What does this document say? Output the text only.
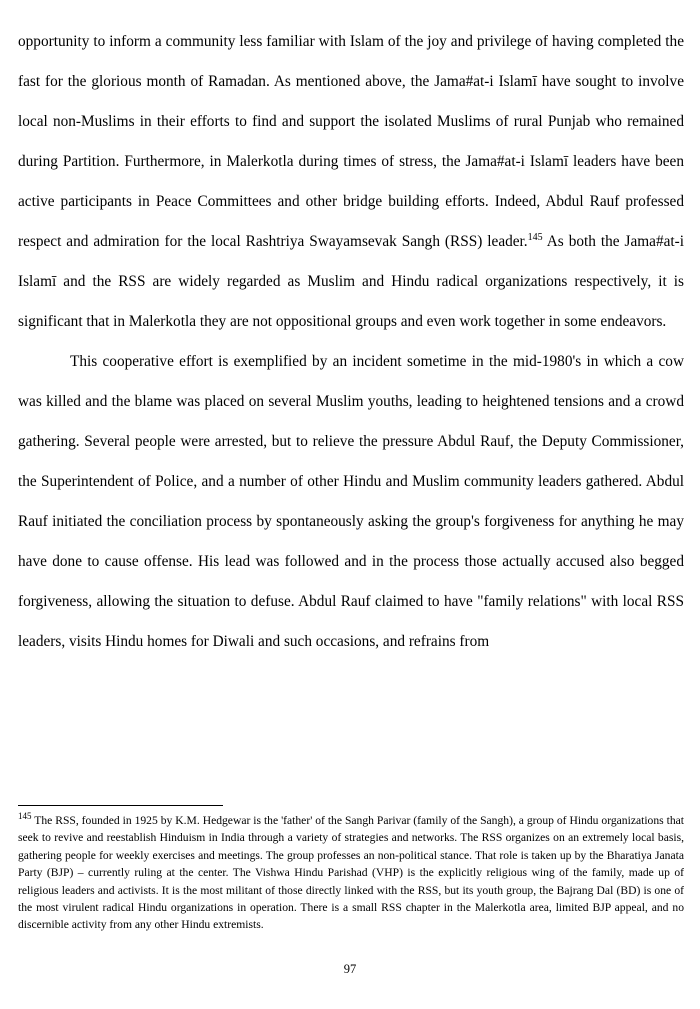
opportunity to inform a community less familiar with Islam of the joy and privilege of having completed the fast for the glorious month of Ramadan. As mentioned above, the Jama#at-i Islamī have sought to involve local non-Muslims in their efforts to find and support the isolated Muslims of rural Punjab who remained during Partition. Furthermore, in Malerkotla during times of stress, the Jama#at-i Islamī leaders have been active participants in Peace Committees and other bridge building efforts. Indeed, Abdul Rauf professed respect and admiration for the local Rashtriya Swayamsevak Sangh (RSS) leader.$^{145}$ As both the Jama#at-i Islamī and the RSS are widely regarded as Muslim and Hindu radical organizations respectively, it is significant that in Malerkotla they are not oppositional groups and even work together in some endeavors.

This cooperative effort is exemplified by an incident sometime in the mid-1980's in which a cow was killed and the blame was placed on several Muslim youths, leading to heightened tensions and a crowd gathering. Several people were arrested, but to relieve the pressure Abdul Rauf, the Deputy Commissioner, the Superintendent of Police, and a number of other Hindu and Muslim community leaders gathered. Abdul Rauf initiated the conciliation process by spontaneously asking the group's forgiveness for anything he may have done to cause offense. His lead was followed and in the process those actually accused also begged forgiveness, allowing the situation to defuse. Abdul Rauf claimed to have "family relations" with local RSS leaders, visits Hindu homes for Diwali and such occasions, and refrains from

$^{145}$ The RSS, founded in 1925 by K.M. Hedgewar is the 'father' of the Sangh Parivar (family of the Sangh), a group of Hindu organizations that seek to revive and reestablish Hinduism in India through a variety of strategies and networks. The RSS organizes on an extremely local basis, gathering people for weekly exercises and meetings. The group professes an non-political stance. That role is taken up by the Bharatiya Janata Party (BJP) – currently ruling at the center. The Vishwa Hindu Parishad (VHP) is the explicitly religious wing of the family, made up of religious leaders and activists. It is the most militant of those directly linked with the RSS, but its youth group, the Bajrang Dal (BD) is one of the most virulent radical Hindu organizations in operation. There is a small RSS chapter in the Malerkotla area, limited BJP appeal, and no discernible activity from any other Hindu extremists.
97
